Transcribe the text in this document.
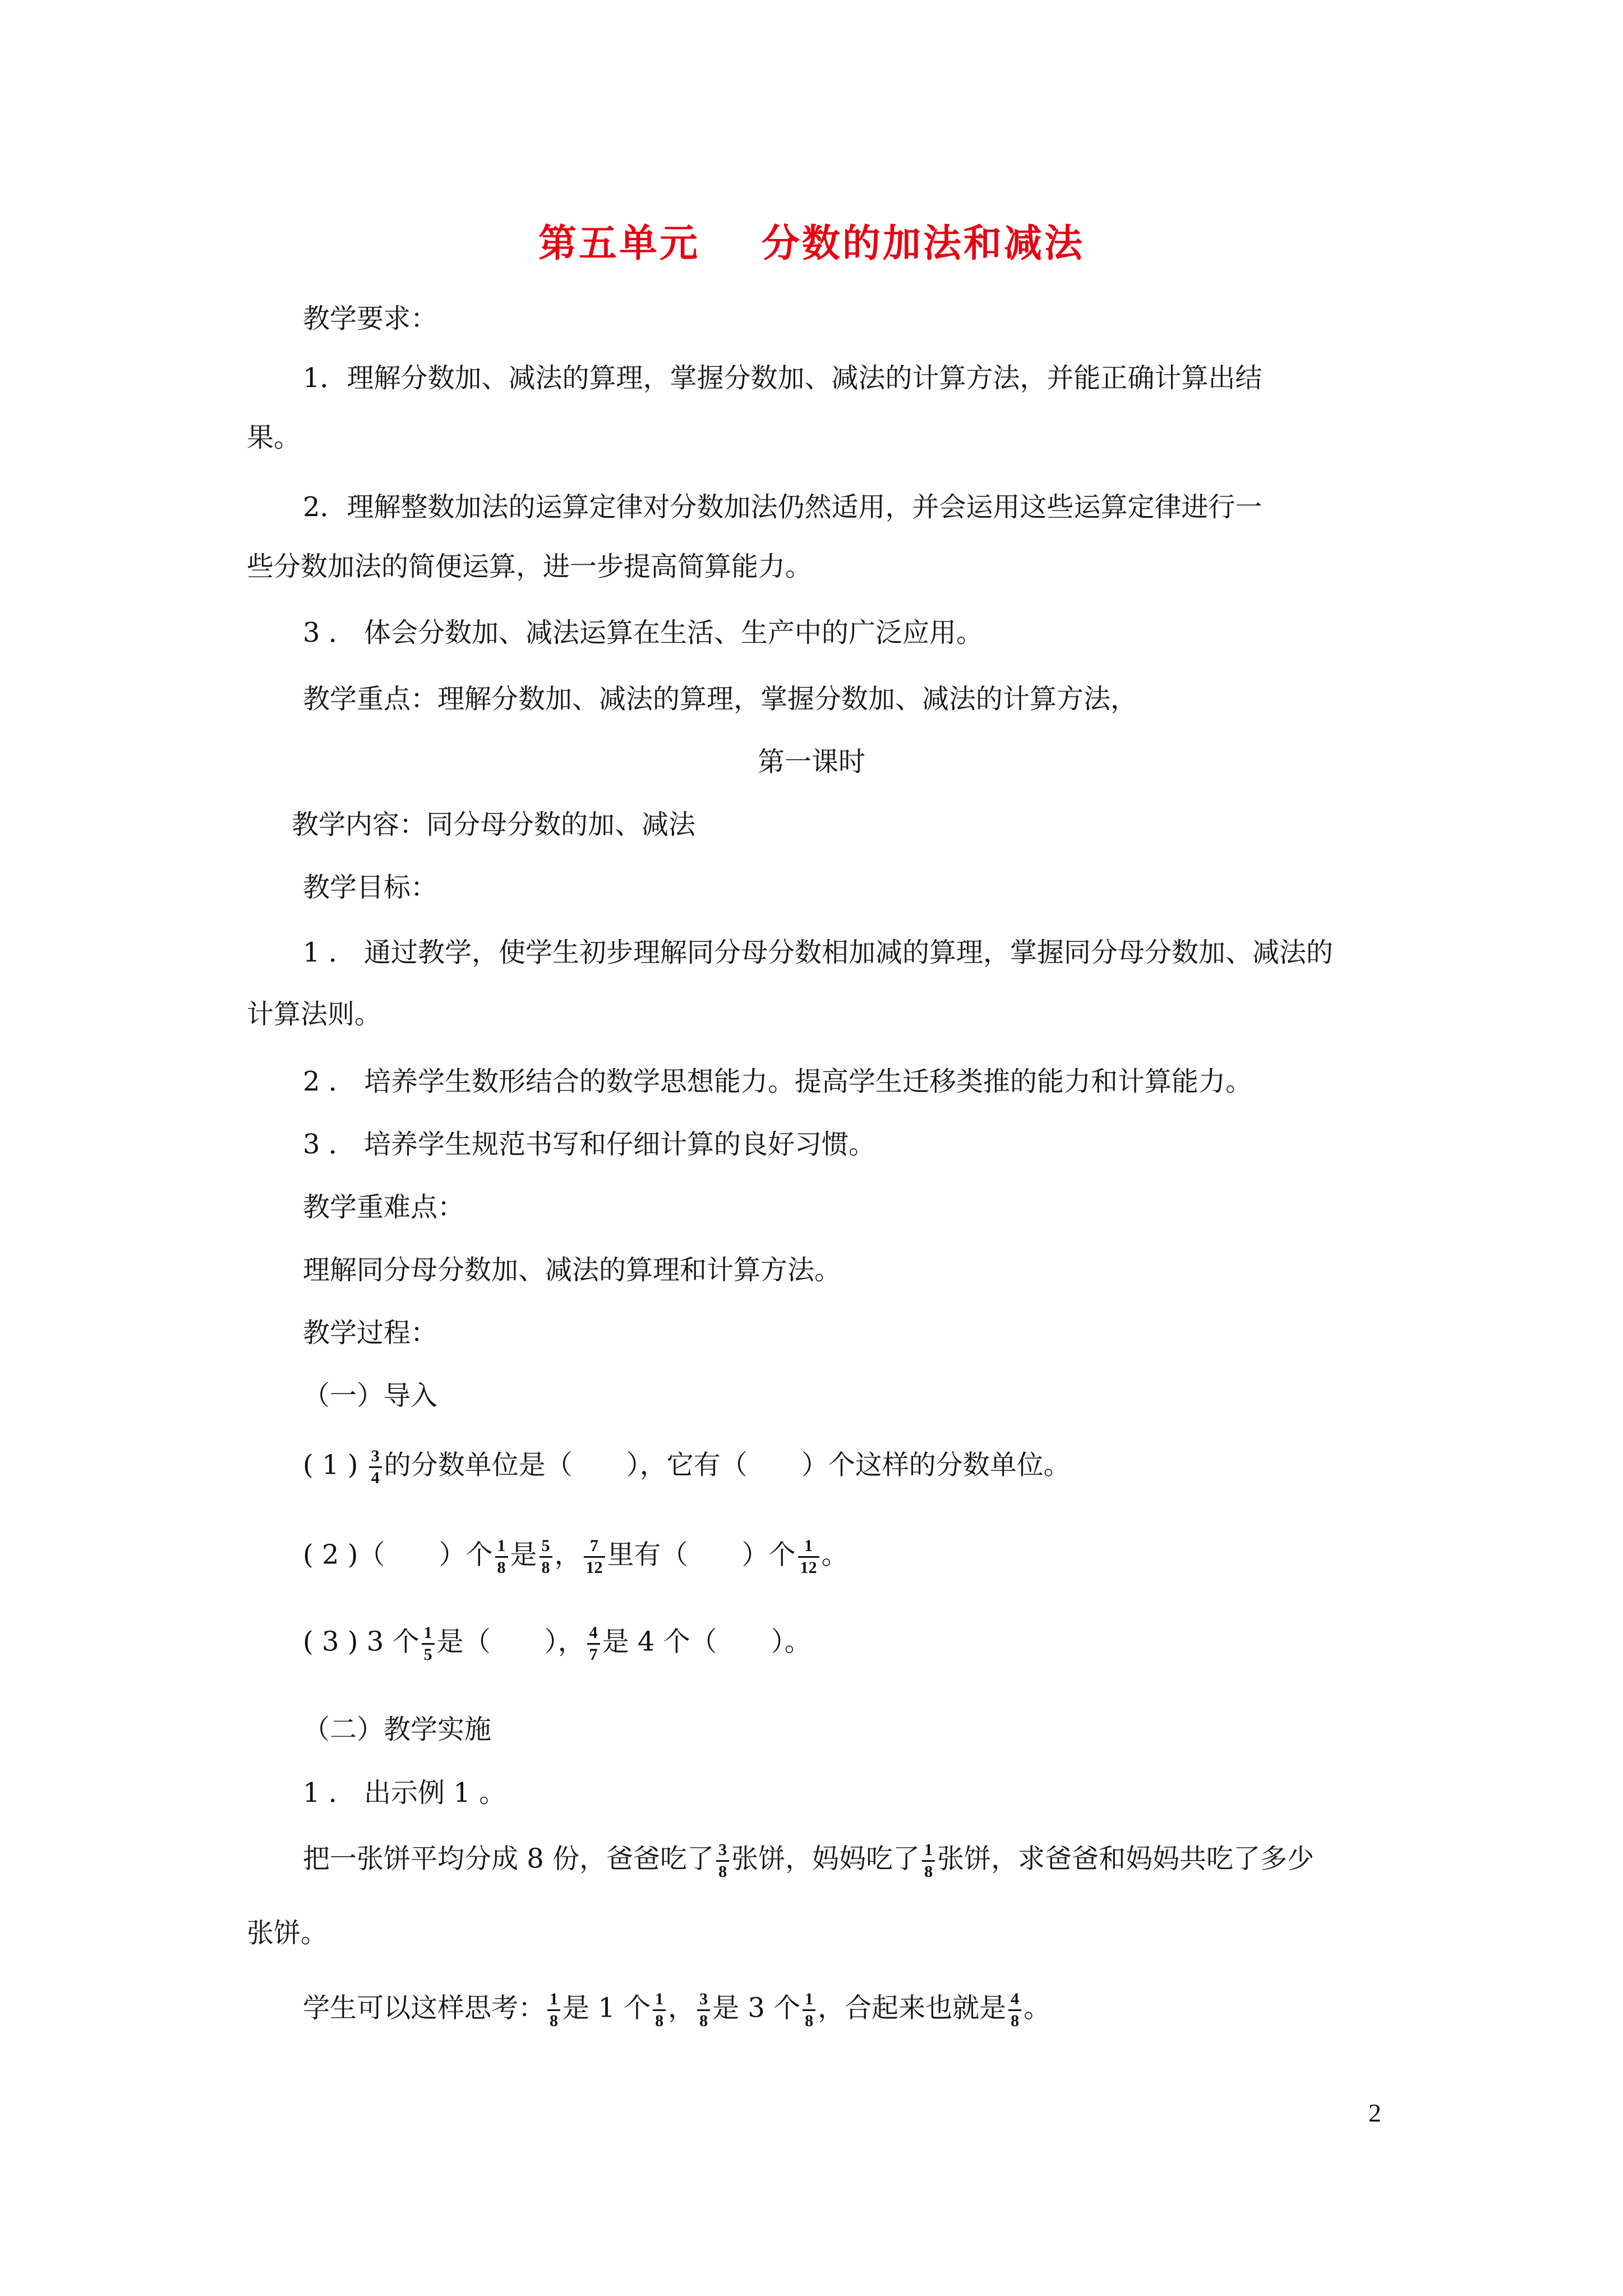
第五单元 分数的加法和减法
教学要求：
1．理解分数加、减法的算理，掌握分数加、减法的计算方法，并能正确计算出结
果。
2．理解整数加法的运算定律对分数加法仍然适用，并会运用这些运算定律进行一
些分数加法的简便运算，进一步提高简算能力。
3 ． 体会分数加、减法运算在生活、生产中的广泛应用。
教学重点：理解分数加、减法的算理，掌握分数加、减法的计算方法，
第一课时
教学内容：同分母分数的加、减法
教学目标：
1 ． 通过教学，使学生初步理解同分母分数相加减的算理，掌握同分母分数加、减法的
计算法则。
2 ． 培养学生数形结合的数学思想能力。提高学生迁移类推的能力和计算能力。
3 ． 培养学生规范书写和仔细计算的良好习惯。
教学重难点：
理解同分母分数加、减法的算理和计算方法。
教学过程：
（一）导入
( 1 ) $\frac{3}{4}$ 的分数单位是（　　），它有（　　）个这样的分数单位。
( 2 )（　　）个 $\frac{1}{8}$ 是 $\frac{5}{8}$ ， $\frac{7}{12}$ 里有（　　）个 $\frac{1}{12}$ 。
( 3 ) 3 个 $\frac{1}{5}$ 是（　　）， $\frac{4}{7}$ 是 4 个（　　）。
（二）教学实施
1 ． 出示例 1 。
把一张饼平均分成 8 份，爸爸吃了 $\frac{3}{8}$ 张饼，妈妈吃了 $\frac{1}{8}$ 张饼，求爸爸和妈妈共吃了多少
张饼。
学生可以这样思考： $\frac{1}{8}$ 是 1 个 $\frac{1}{8}$ ， $\frac{3}{8}$ 是 3 个 $\frac{1}{8}$ ，合起来也就是 $\frac{4}{8}$ 。
2
